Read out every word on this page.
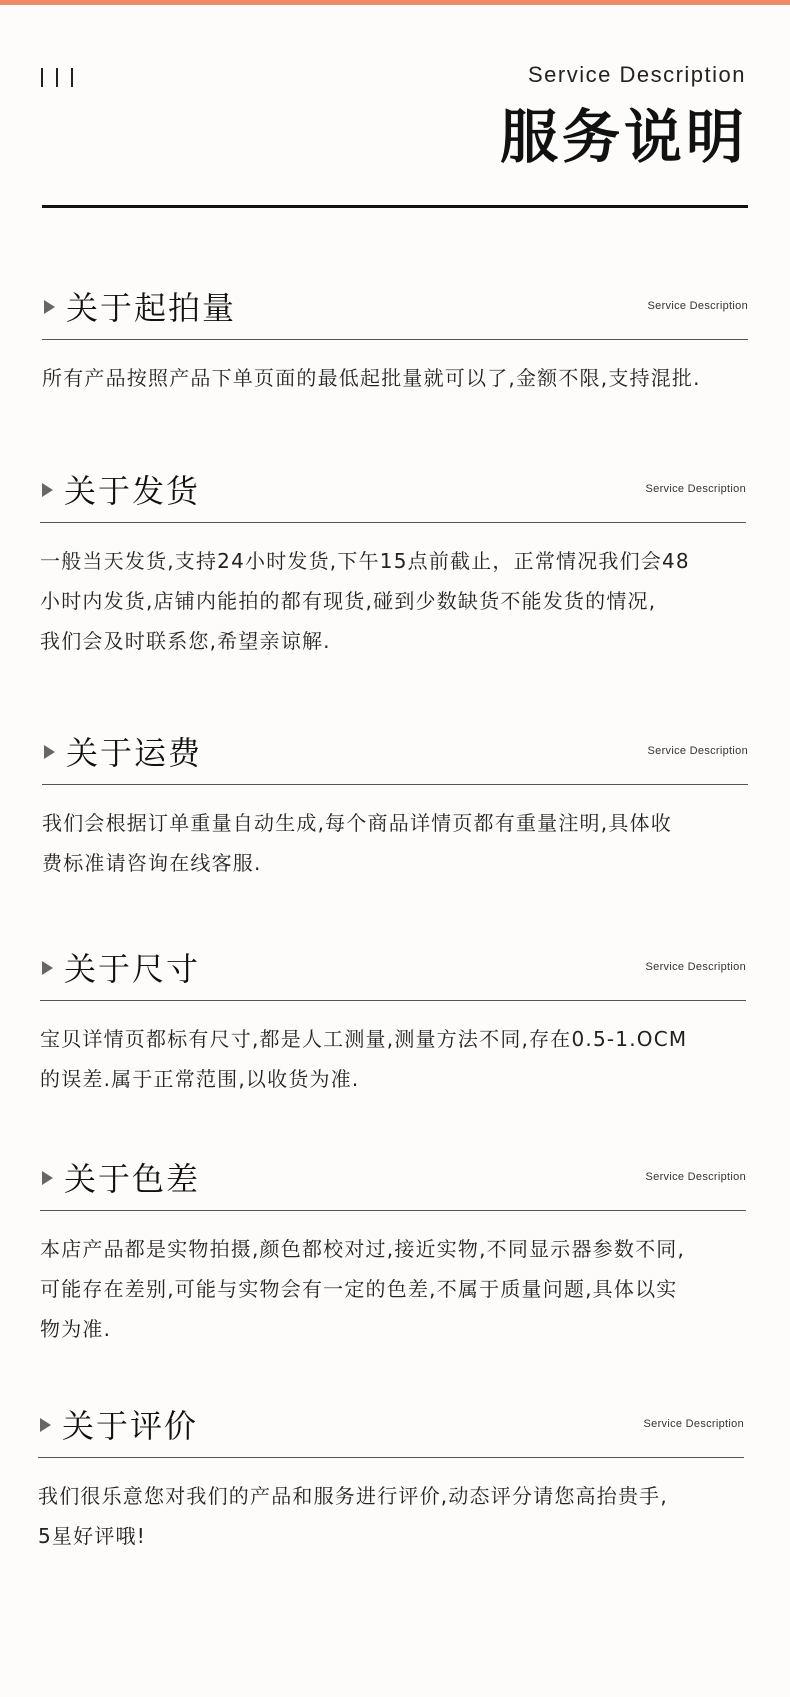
Service Description
服务说明
关于起拍量	Service Description

所有产品按照产品下单页面的最低起批量就可以了,金额不限,支持混批.

关于发货	Service Description

一般当天发货,支持24小时发货,下午15点前截止，正常情况我们会48

小时内发货,店铺内能拍的都有现货,碰到少数缺货不能发货的情况,

我们会及时联系您,希望亲谅解.

关于运费	Service Description

我们会根据订单重量自动生成,每个商品详情页都有重量注明,具体收

费标准请咨询在线客服.

关于尺寸	Service Description

宝贝详情页都标有尺寸,都是人工测量,测量方法不同,存在0.5-1.OCM

的误差.属于正常范围,以收货为准.

关于色差	Service Description

本店产品都是实物拍摄,颜色都校对过,接近实物,不同显示器参数不同,

可能存在差别,可能与实物会有一定的色差,不属于质量问题,具体以实

物为准.

关于评价	Service Description

我们很乐意您对我们的产品和服务进行评价,动态评分请您高抬贵手,

5星好评哦!
